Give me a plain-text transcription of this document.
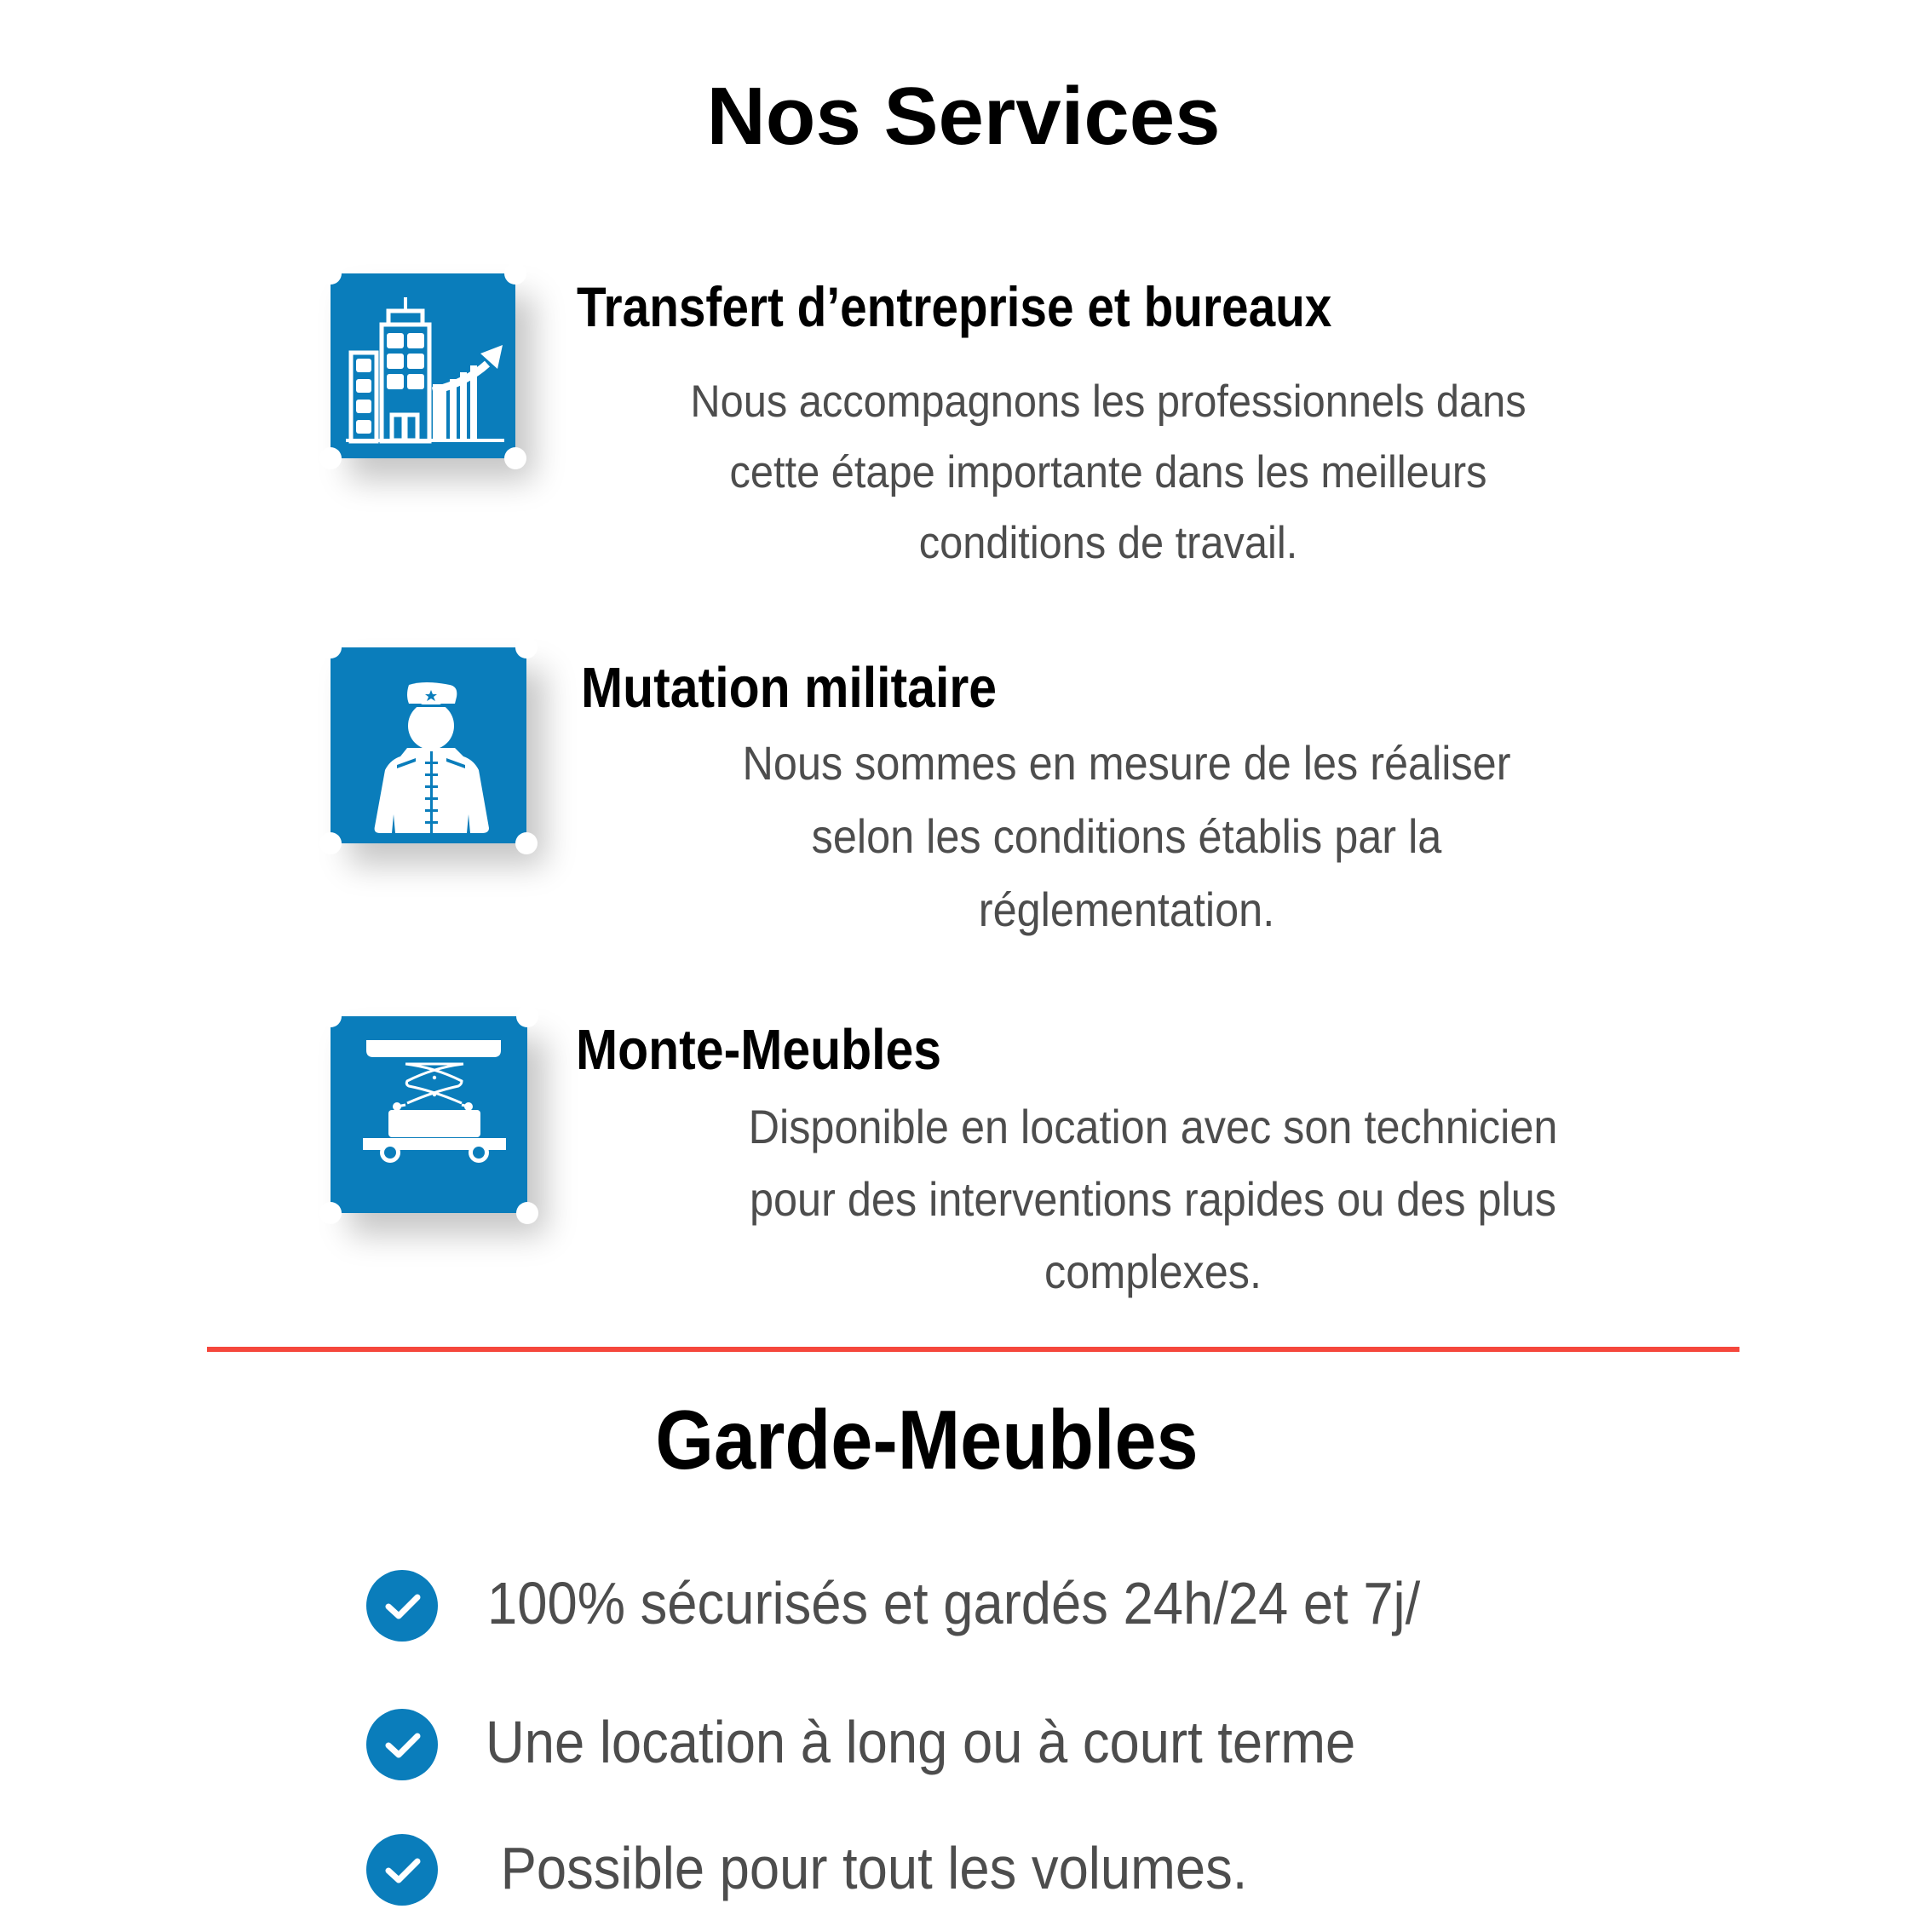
Nos Services
Transfert d’entreprise et bureaux
Nous accompagnons les professionnels dans
cette étape importante dans les meilleurs
conditions de travail.
Mutation militaire
Nous sommes en mesure de les réaliser
selon les conditions établis par la
réglementation.
Monte-Meubles
Disponible en location avec son technicien
pour des interventions rapides ou des plus
complexes.
Garde-Meubles
100% sécurisés et gardés 24h/24 et 7j/
Une location à long ou à court terme
Possible pour tout les volumes.
